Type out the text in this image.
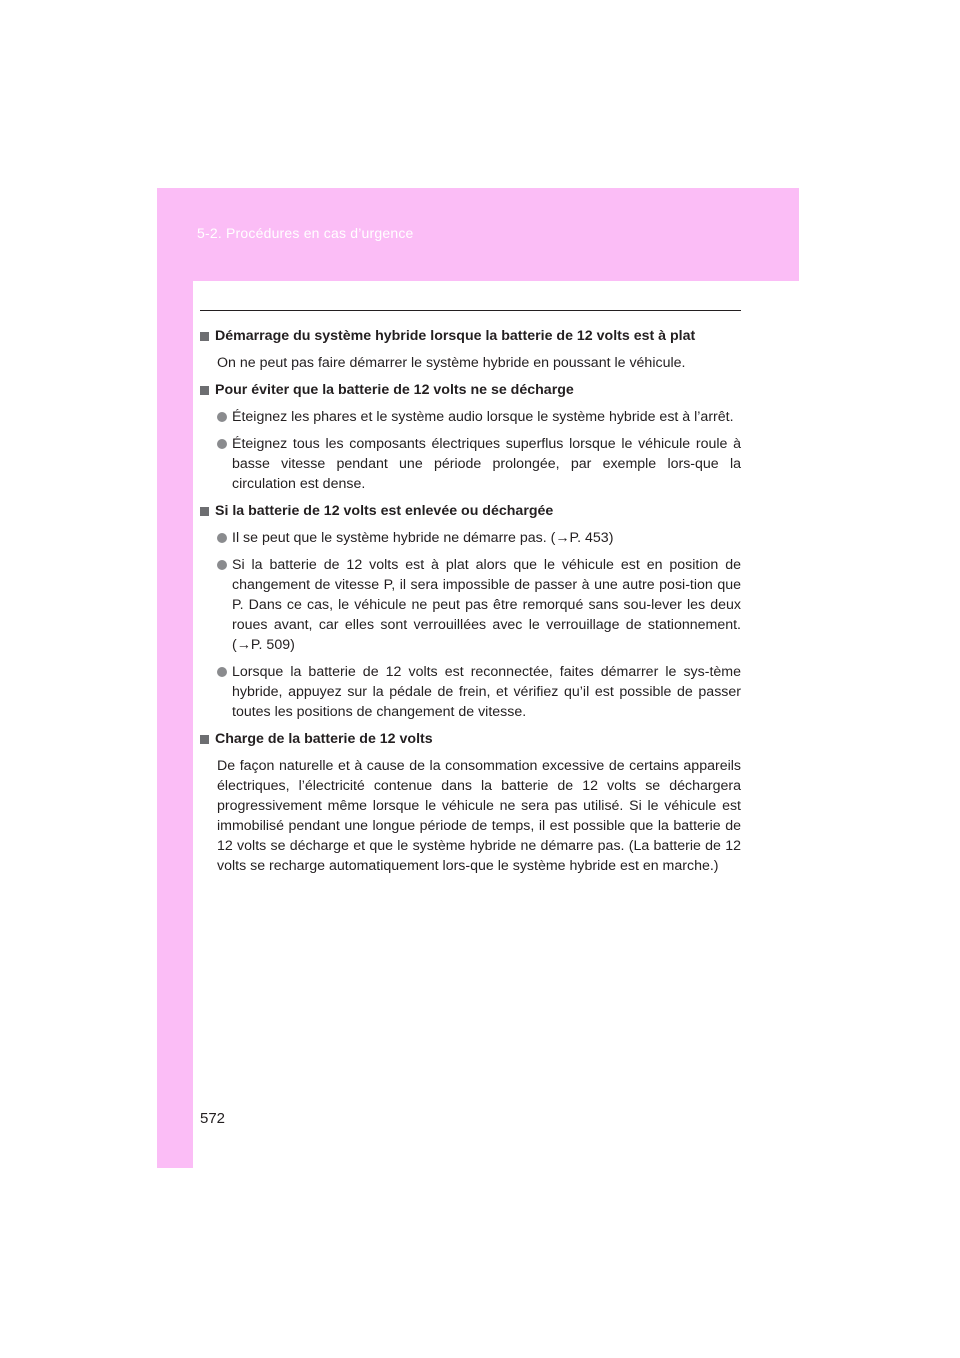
5-2. Procédures en cas d’urgence
Démarrage du système hybride lorsque la batterie de 12 volts est à plat
On ne peut pas faire démarrer le système hybride en poussant le véhicule.
Pour éviter que la batterie de 12 volts ne se décharge
Éteignez les phares et le système audio lorsque le système hybride est à l’arrêt.
Éteignez tous les composants électriques superflus lorsque le véhicule roule à basse vitesse pendant une période prolongée, par exemple lors-que la circulation est dense.
Si la batterie de 12 volts est enlevée ou déchargée
Il se peut que le système hybride ne démarre pas. (→P. 453)
Si la batterie de 12 volts est à plat alors que le véhicule est en position de changement de vitesse P, il sera impossible de passer à une autre posi-tion que P. Dans ce cas, le véhicule ne peut pas être remorqué sans sou-lever les deux roues avant, car elles sont verrouillées avec le verrouillage de stationnement. (→P. 509)
Lorsque la batterie de 12 volts est reconnectée, faites démarrer le sys-tème hybride, appuyez sur la pédale de frein, et vérifiez qu’il est possible de passer toutes les positions de changement de vitesse.
Charge de la batterie de 12 volts
De façon naturelle et à cause de la consommation excessive de certains appareils électriques, l’électricité contenue dans la batterie de 12 volts se déchargera progressivement même lorsque le véhicule ne sera pas utilisé. Si le véhicule est immobilisé pendant une longue période de temps, il est possible que la batterie de 12 volts se décharge et que le système hybride ne démarre pas. (La batterie de 12 volts se recharge automatiquement lors-que le système hybride est en marche.)
572
